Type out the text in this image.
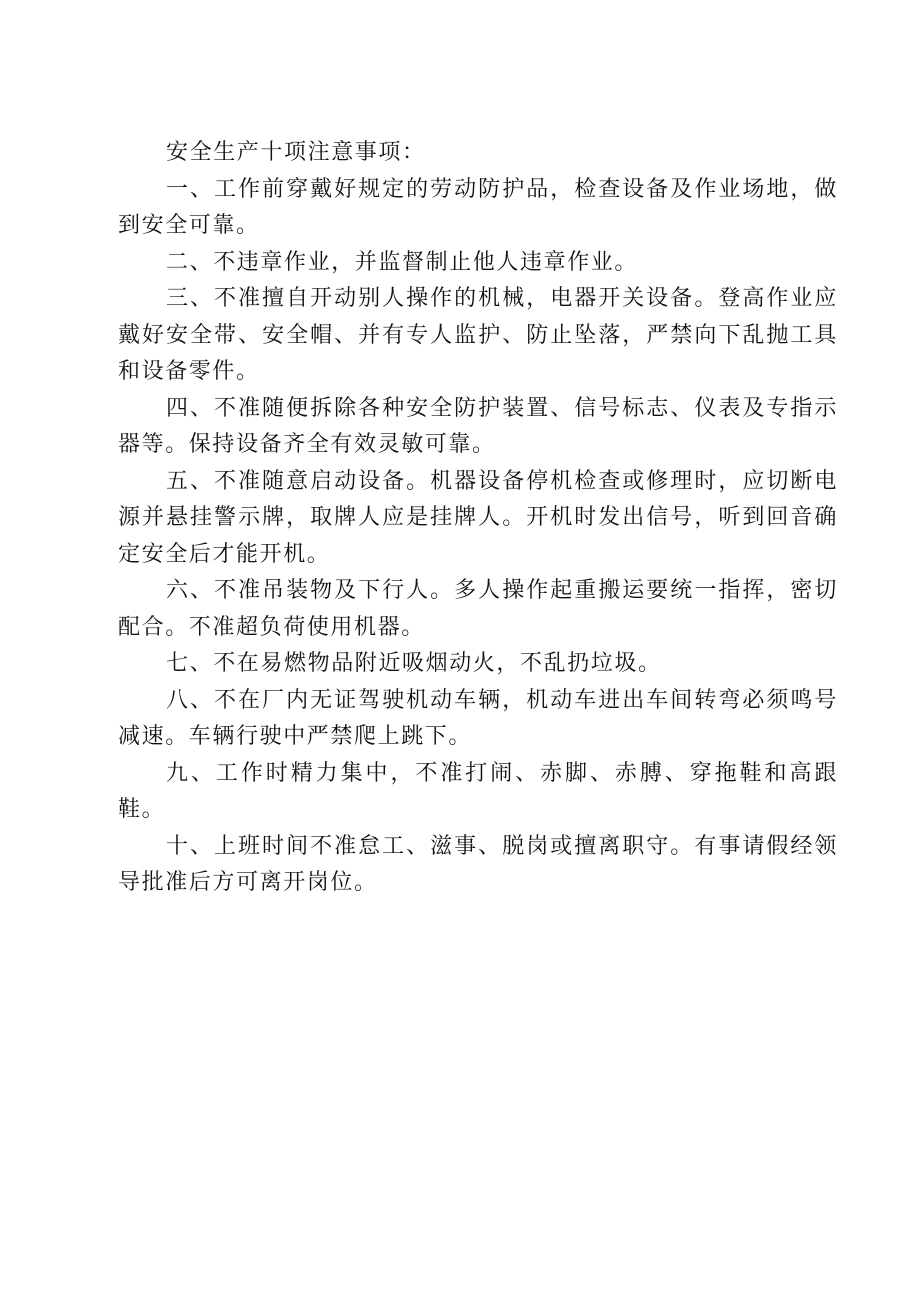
安全生产十项注意事项：

一、工作前穿戴好规定的劳动防护品，检查设备及作业场地，做到安全可靠。

二、不违章作业，并监督制止他人违章作业。

三、不准擅自开动别人操作的机械，电器开关设备。登高作业应戴好安全带、安全帽、并有专人监护、防止坠落，严禁向下乱抛工具和设备零件。

四、不准随便拆除各种安全防护装置、信号标志、仪表及专指示器等。保持设备齐全有效灵敏可靠。

五、不准随意启动设备。机器设备停机检查或修理时，应切断电源并悬挂警示牌，取牌人应是挂牌人。开机时发出信号，听到回音确定安全后才能开机。

六、不准吊装物及下行人。多人操作起重搬运要统一指挥，密切配合。不准超负荷使用机器。

七、不在易燃物品附近吸烟动火，不乱扔垃圾。

八、不在厂内无证驾驶机动车辆，机动车进出车间转弯必须鸣号减速。车辆行驶中严禁爬上跳下。

九、工作时精力集中，不准打闹、赤脚、赤膊、穿拖鞋和高跟鞋。

十、上班时间不准怠工、滋事、脱岗或擅离职守。有事请假经领导批准后方可离开岗位。
